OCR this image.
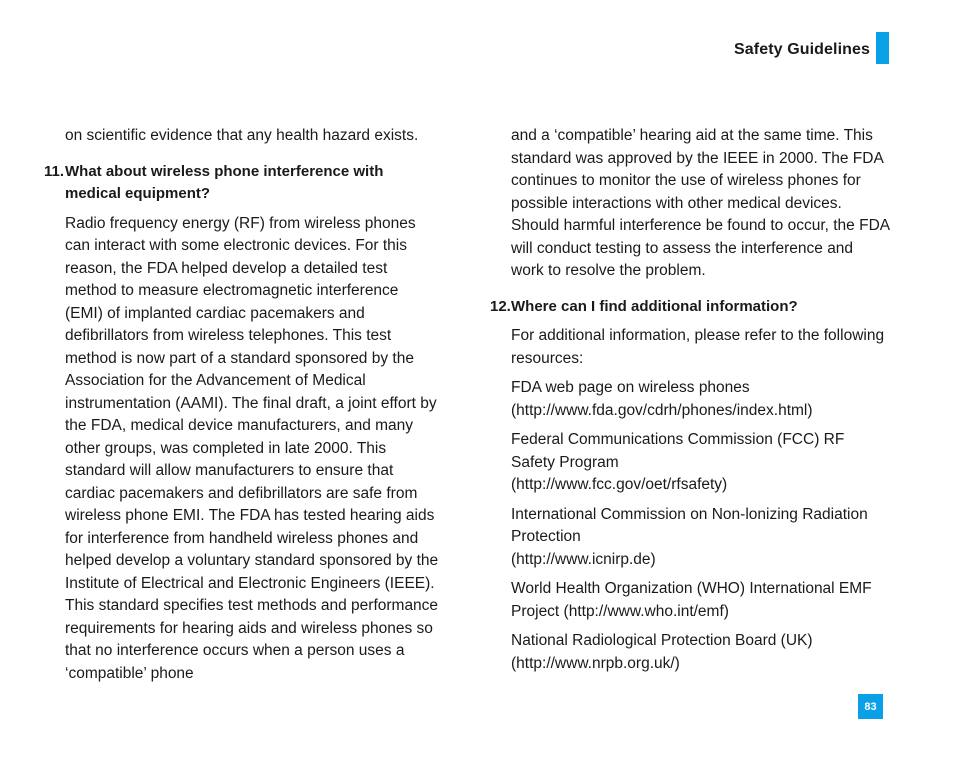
Safety Guidelines

on scientific evidence that any health hazard exists.

11. What about wireless phone interference with medical equipment?

Radio frequency energy (RF) from wireless phones can interact with some electronic devices. For this reason, the FDA helped develop a detailed test method to measure electromagnetic interference (EMI) of implanted cardiac pacemakers and defibrillators from wireless telephones. This test method is now part of a standard sponsored by the Association for the Advancement of Medical instrumentation (AAMI). The final draft, a joint effort by the FDA, medical device manufacturers, and many other groups, was completed in late 2000. This standard will allow manufacturers to ensure that cardiac pacemakers and defibrillators are safe from wireless phone EMI. The FDA has tested hearing aids for interference from handheld wireless phones and helped develop a voluntary standard sponsored by the Institute of Electrical and Electronic Engineers (IEEE). This standard specifies test methods and performance requirements for hearing aids and wireless phones so that no interference occurs when a person uses a ‘compatible’ phone

and a ‘compatible’ hearing aid at the same time. This standard was approved by the IEEE in 2000. The FDA continues to monitor the use of wireless phones for possible interactions with other medical devices. Should harmful interference be found to occur, the FDA will conduct testing to assess the interference and work to resolve the problem.

12. Where can I find additional information?

For additional information, please refer to the following resources:

FDA web page on wireless phones
(http://www.fda.gov/cdrh/phones/index.html)
Federal Communications Commission (FCC) RF
Safety Program
(http://www.fcc.gov/oet/rfsafety)
International Commission on Non-lonizing Radiation
Protection
(http://www.icnirp.de)
World Health Organization (WHO) International EMF
Project (http://www.who.int/emf)
National Radiological Protection Board (UK)
(http://www.nrpb.org.uk/)
83
